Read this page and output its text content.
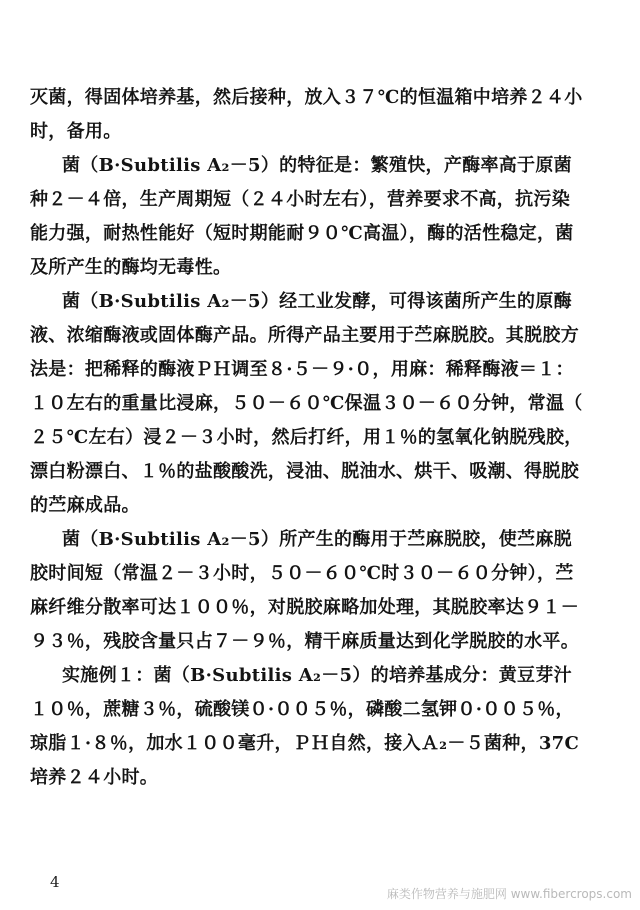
灭菌，得固体培养基，然后接种，放入３７℃的恒温箱中培养２４小
时，备用。
菌（B·Subtilis A₂－5）的特征是：繁殖快，产酶率高于原菌
种２－４倍，生产周期短（２４小时左右），营养要求不高，抗污染
能力强，耐热性能好（短时期能耐９０℃高温），酶的活性稳定，菌
及所产生的酶均无毒性。
菌（B·Subtilis A₂－5）经工业发酵，可得该菌所产生的原酶
液、浓缩酶液或固体酶产品。所得产品主要用于苎麻脱胶。其脱胶方
法是：把稀释的酶液ＰＨ调至８·５－９·０，用麻：稀释酶液＝１：
１０左右的重量比浸麻，５０－６０℃保温３０－６０分钟，常温（
２５℃左右）浸２－３小时，然后打纤，用１％的氢氧化钠脱残胶，
漂白粉漂白、１％的盐酸酸洗，浸油、脱油水、烘干、吸潮、得脱胶
的苎麻成品。
菌（B·Subtilis A₂－5）所产生的酶用于苎麻脱胶，使苎麻脱
胶时间短（常温２－３小时，５０－６０℃时３０－６０分钟），苎
麻纤维分散率可达１００％，对脱胶麻略加处理，其脱胶率达９１－
９３％，残胶含量只占７－９％，精干麻质量达到化学脱胶的水平。
实施例１：菌（B·Subtilis A₂－5）的培养基成分：黄豆芽汁
１０％，蔗糖３％，硫酸镁０·００５％，磷酸二氢钾０·００５％，
琼脂１·８％，加水１００毫升，ＰＨ自然，接入Ａ₂－５菌种，37C
培养２４小时。
4
麻类作物营养与施肥网 www.fibercrops.com
